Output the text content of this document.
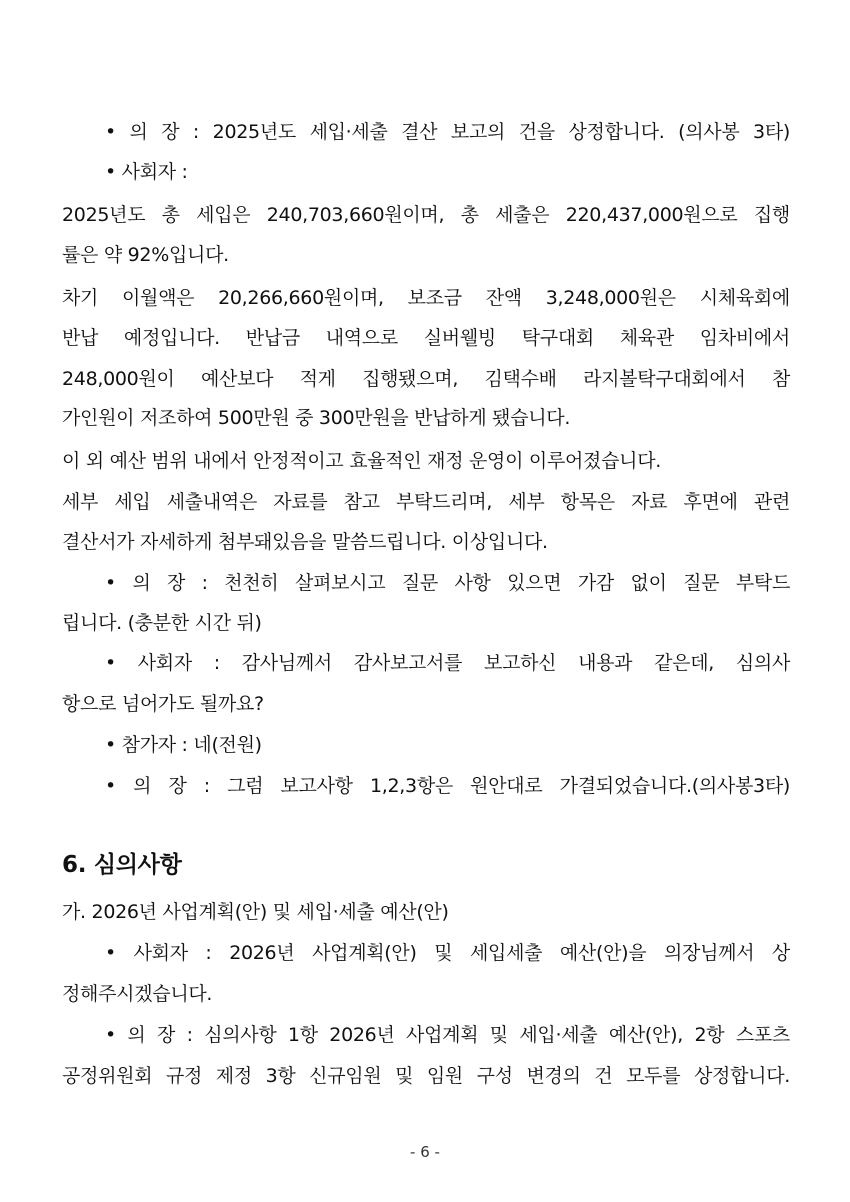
• 의 장 : 2025년도 세입·세출 결산 보고의 건을 상정합니다. (의사봉 3타)
• 사회자 :
2025년도 총 세입은 240,703,660원이며, 총 세출은 220,437,000원으로 집행
률은 약 92%입니다.
차기 이월액은 20,266,660원이며, 보조금 잔액 3,248,000원은 시체육회에
반납 예정입니다. 반납금 내역으로 실버웰빙 탁구대회 체육관 임차비에서
248,000원이 예산보다 적게 집행됐으며, 김택수배 라지볼탁구대회에서 참
가인원이 저조하여 500만원 중 300만원을 반납하게 됐습니다.
이 외 예산 범위 내에서 안정적이고 효율적인 재정 운영이 이루어졌습니다.
세부 세입 세출내역은 자료를 참고 부탁드리며, 세부 항목은 자료 후면에 관련
결산서가 자세하게 첨부돼있음을 말씀드립니다. 이상입니다.
• 의 장 : 천천히 살펴보시고 질문 사항 있으면 가감 없이 질문 부탁드
립니다. (충분한 시간 뒤)
• 사회자 : 감사님께서 감사보고서를 보고하신 내용과 같은데, 심의사
항으로 넘어가도 될까요?
• 참가자 : 네(전원)
• 의 장 : 그럼 보고사항 1,2,3항은 원안대로 가결되었습니다.(의사봉3타)
6. 심의사항
가. 2026년 사업계획(안) 및 세입·세출 예산(안)
• 사회자 : 2026년 사업계획(안) 및 세입세출 예산(안)을 의장님께서 상
정해주시겠습니다.
• 의 장 : 심의사항 1항 2026년 사업계획 및 세입·세출 예산(안), 2항 스포츠
공정위원회 규정 제정 3항 신규임원 및 임원 구성 변경의 건 모두를 상정합니다.
- 6 -
